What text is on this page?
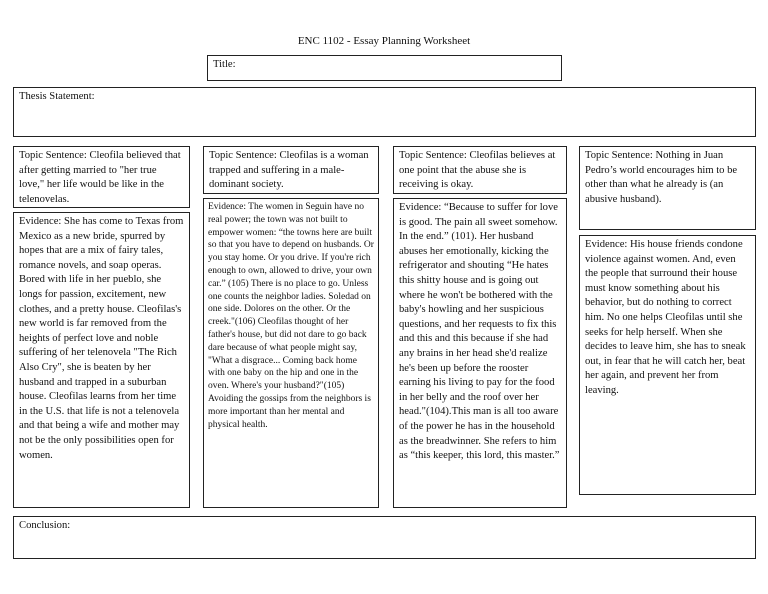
ENC 1102 - Essay Planning Worksheet
Title:
Thesis Statement:
Topic Sentence: Cleofila believed that after getting married to "her true love," her life would be like in the telenovelas.
Evidence: She has come to Texas from Mexico as a new bride, spurred by hopes that are a mix of fairy tales, romance novels, and soap operas. Bored with life in her pueblo, she longs for passion, excitement, new clothes, and a pretty house. Cleofilas's new world is far removed from the heights of perfect love and noble suffering of her telenovela "The Rich Also Cry", she is beaten by her husband and trapped in a suburban house. Cleofilas learns from her time in the U.S. that life is not a telenovela and that being a wife and mother may not be the only possibilities open for women.
Topic Sentence: Cleofilas is a woman trapped and suffering in a male-dominant society.
Evidence: The women in Seguin have no real power; the town was not built to empower women: “the towns here are built so that you have to depend on husbands. Or you stay home. Or you drive. If you're rich enough to own, allowed to drive, your own car.” (105) There is no place to go. Unless one counts the neighbor ladies. Soledad on one side. Dolores on the other. Or the creek."(106) Cleofilas thought of her father's house, but did not dare to go back dare because of what people might say, "What a disgrace... Coming back home with one baby on the hip and one in the oven. Where's your husband?"(105) Avoiding the gossips from the neighbors is more important than her mental and physical health.
Topic Sentence: Cleofilas believes at one point that the abuse she is receiving is okay.
Evidence: “Because to suffer for love is good. The pain all sweet somehow. In the end.” (101). Her husband abuses her emotionally, kicking the refrigerator and shouting “He hates this shitty house and is going out where he won't be bothered with the baby's howling and her suspicious questions, and her requests to fix this and this and this because if she had any brains in her head she'd realize he's been up before the rooster earning his living to pay for the food in her belly and the roof over her head."(104).This man is all too aware of the power he has in the household as the breadwinner. She refers to him as “this keeper, this lord, this master.”
Topic Sentence: Nothing in Juan Pedro’s world encourages him to be other than what he already is (an abusive husband).
Evidence: His house friends condone violence against women. And, even the people that surround their house must know something about his behavior, but do nothing to correct him. No one helps Cleofilas until she seeks for help herself. When she decides to leave him, she has to sneak out, in fear that he will catch her, beat her again, and prevent her from leaving.
Conclusion:
